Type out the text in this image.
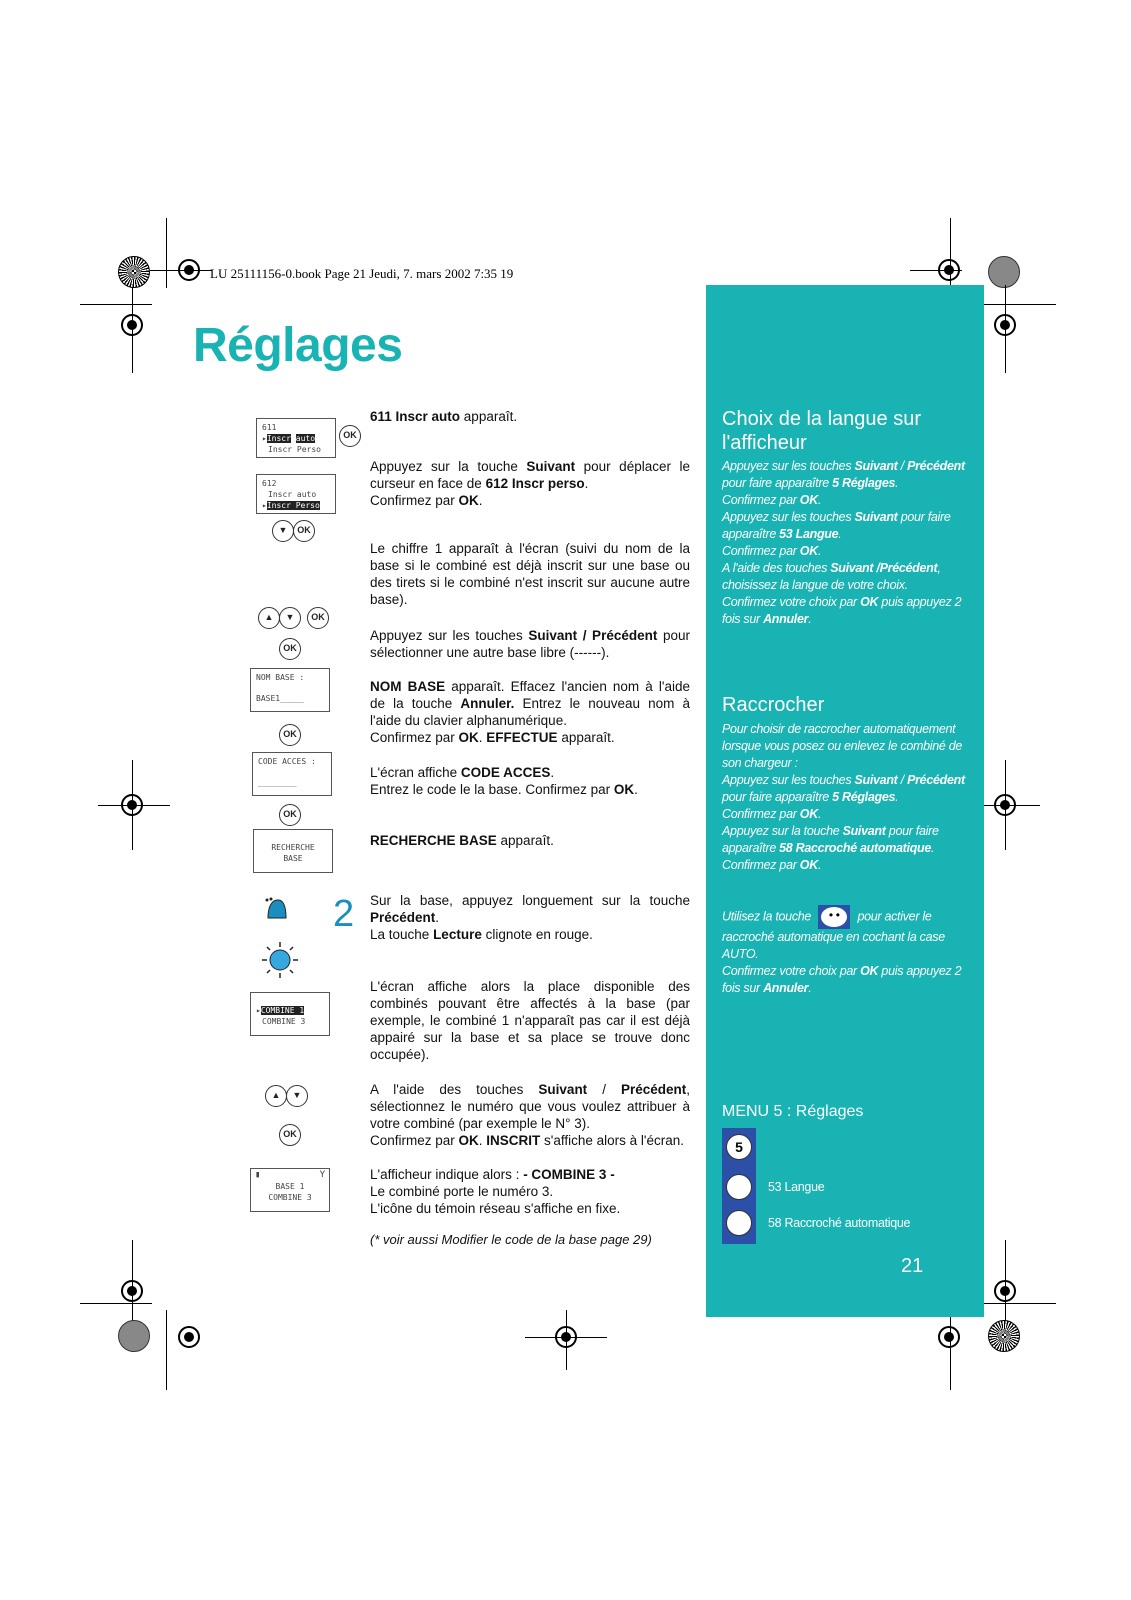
LU 25111156-0.book Page 21 Jeudi, 7. mars 2002 7:35 19
Réglages
611
▸Inscr auto
Inscr Perso
OK
612
Inscr auto
▸Inscr Perso
▼	OK
▲	▼	OK
OK
NOM BASE :
BASE1_____
OK
CODE ACCES :
________
OK
RECHERCHE
BASE
2
▸COMBINE 1
COMBINE 3
▲	▼
OK
▮	Y
BASE 1
COMBINE 3
611 Inscr auto apparaît.
Appuyez sur la touche Suivant pour déplacer le curseur en face de 612 Inscr perso.
Confirmez par OK.
Le chiffre 1 apparaît à l'écran (suivi du nom de la base si le combiné est déjà inscrit sur une base ou des tirets si le combiné n'est inscrit sur aucune autre base).
Appuyez sur les touches Suivant / Précédent pour sélectionner une autre base libre (------).
NOM BASE apparaît. Effacez l'ancien nom à l'aide de la touche Annuler. Entrez le nouveau nom à l'aide du clavier alphanumérique.
Confirmez par OK. EFFECTUE apparaît.
L'écran affiche CODE ACCES.
Entrez le code le la base. Confirmez par OK.
RECHERCHE BASE apparaît.
Sur la base, appuyez longuement sur la touche Précédent.
La touche Lecture clignote en rouge.
L'écran affiche alors la place disponible des combinés pouvant être affectés à la base (par exemple, le combiné 1 n'apparaît pas car il est déjà appairé sur la base et sa place se trouve donc occupée).
A l'aide des touches Suivant / Précédent, sélectionnez le numéro que vous voulez attribuer à votre combiné (par exemple le N° 3).
Confirmez par OK. INSCRIT s'affiche alors à l'écran.
L'afficheur indique alors : - COMBINE 3 -
Le combiné porte le numéro 3.
L'icône du témoin réseau s'affiche en fixe.
(* voir aussi Modifier le code de la base page 29)
Choix de la langue sur
l'afficheur
Appuyez sur les touches Suivant / Précédent pour faire apparaître 5 Réglages.
Confirmez par OK.
Appuyez sur les touches Suivant pour faire apparaître 53 Langue.
Confirmez par OK.
A l'aide des touches Suivant /Précédent, choisissez la langue de votre choix.
Confirmez votre choix par OK puis appuyez 2 fois sur Annuler.
Raccrocher
Pour choisir de raccrocher automatiquement lorsque vous posez ou enlevez le combiné de son chargeur :
Appuyez sur les touches Suivant / Précédent pour faire apparaître 5 Réglages.
Confirmez par OK.
Appuyez sur la touche Suivant pour faire apparaître 58 Raccroché automatique.
Confirmez par OK.
Utilisez la touche	• •	pour activer le raccroché automatique en cochant la case AUTO.
Confirmez votre choix par OK puis appuyez 2 fois sur Annuler.
MENU 5 : Réglages
5
53 Langue
58 Raccroché automatique
21
